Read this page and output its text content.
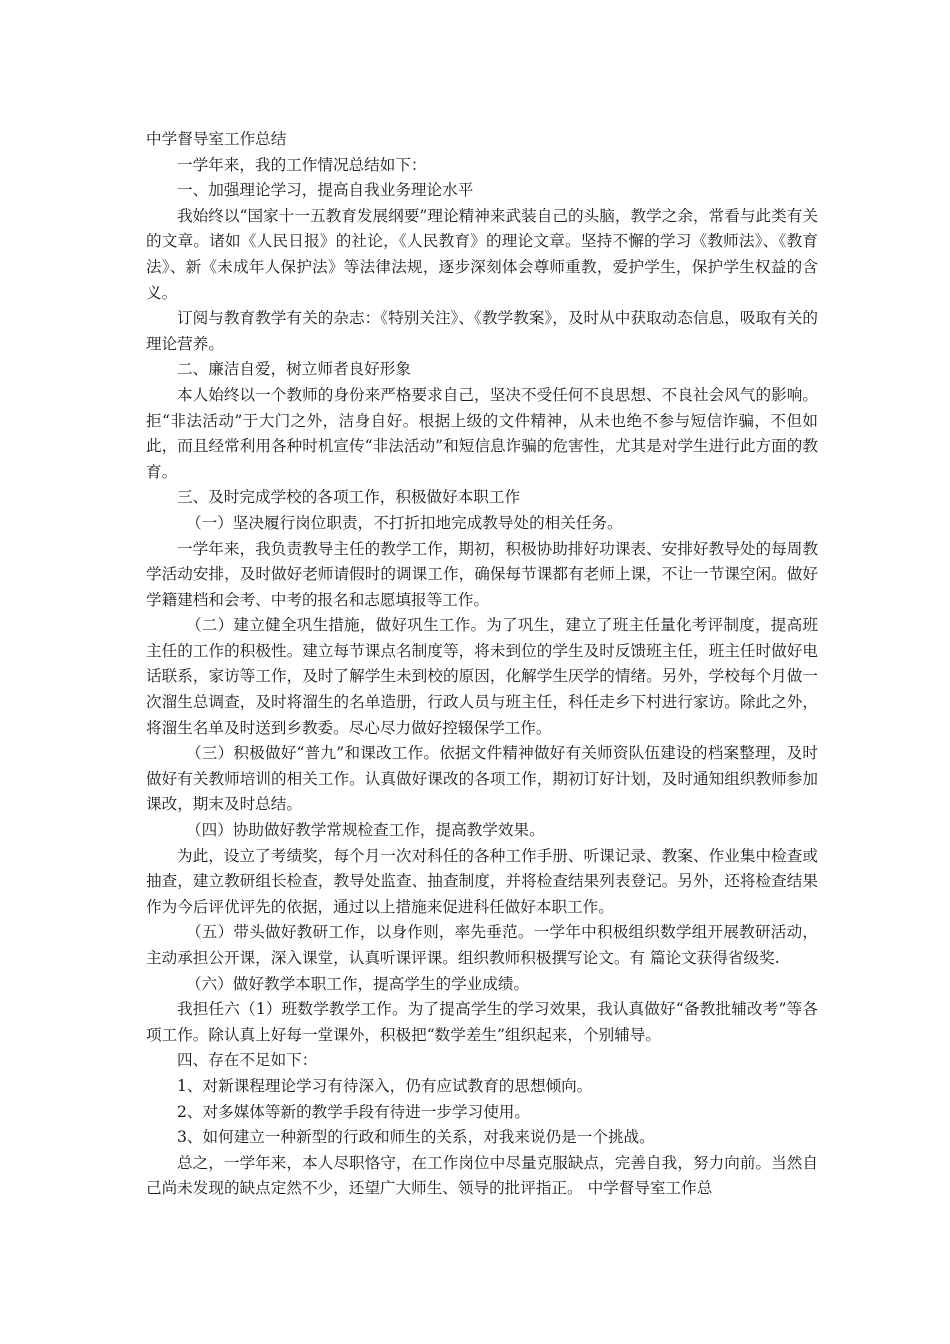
中学督导室工作总结

一学年来，我的工作情况总结如下：

一、加强理论学习，提高自我业务理论水平

我始终以“国家十一五教育发展纲要”理论精神来武装自己的头脑，教学之余，常看与此类有关的文章。诸如《人民日报》的社论，《人民教育》的理论文章。坚持不懈的学习《教师法》、《教育法》、新《未成年人保护法》等法律法规，逐步深刻体会尊师重教，爱护学生，保护学生权益的含义。

订阅与教育教学有关的杂志：《特别关注》、《教学教案》，及时从中获取动态信息，吸取有关的理论营养。

二、廉洁自爱，树立师者良好形象

本人始终以一个教师的身份来严格要求自己，坚决不受任何不良思想、不良社会风气的影响。拒“非法活动”于大门之外，洁身自好。根据上级的文件精神，从未也绝不参与短信诈骗，不但如此，而且经常利用各种时机宣传“非法活动”和短信息诈骗的危害性，尤其是对学生进行此方面的教育。

三、及时完成学校的各项工作，积极做好本职工作

（一）坚决履行岗位职责，不打折扣地完成教导处的相关任务。

一学年来，我负责教导主任的教学工作，期初，积极协助排好功课表、安排好教导处的每周教学活动安排，及时做好老师请假时的调课工作，确保每节课都有老师上课，不让一节课空闲。做好学籍建档和会考、中考的报名和志愿填报等工作。

（二）建立健全巩生措施，做好巩生工作。为了巩生，建立了班主任量化考评制度，提高班主任的工作的积极性。建立每节课点名制度等，将未到位的学生及时反馈班主任，班主任时做好电话联系，家访等工作，及时了解学生未到校的原因，化解学生厌学的情绪。另外，学校每个月做一次溜生总调查，及时将溜生的名单造册，行政人员与班主任，科任走乡下村进行家访。除此之外，将溜生名单及时送到乡教委。尽心尽力做好控辍保学工作。

（三）积极做好“普九”和课改工作。依据文件精神做好有关师资队伍建设的档案整理，及时做好有关教师培训的相关工作。认真做好课改的各项工作，期初订好计划，及时通知组织教师参加课改，期末及时总结。

（四）协助做好教学常规检查工作，提高教学效果。

为此，设立了考绩奖，每个月一次对科任的各种工作手册、听课记录、教案、作业集中检查或抽查，建立教研组长检查，教导处监查、抽查制度，并将检查结果列表登记。另外，还将检查结果作为今后评优评先的依据，通过以上措施来促进科任做好本职工作。

（五）带头做好教研工作，以身作则，率先垂范。一学年中积极组织数学组开展教研活动，主动承担公开课，深入课堂，认真听课评课。组织教师积极撰写论文。有 篇论文获得省级奖.

（六）做好教学本职工作，提高学生的学业成绩。

我担任六（1）班数学教学工作。为了提高学生的学习效果，我认真做好“备教批辅改考”等各项工作。除认真上好每一堂课外，积极把“数学差生”组织起来，个别辅导。

四、存在不足如下：

1、对新课程理论学习有待深入，仍有应试教育的思想倾向。

2、对多媒体等新的教学手段有待进一步学习使用。

3、如何建立一种新型的行政和师生的关系，对我来说仍是一个挑战。

总之，一学年来，本人尽职恪守，在工作岗位中尽量克服缺点，完善自我，努力向前。当然自己尚未发现的缺点定然不少，还望广大师生、领导的批评指正。 中学督导室工作总
